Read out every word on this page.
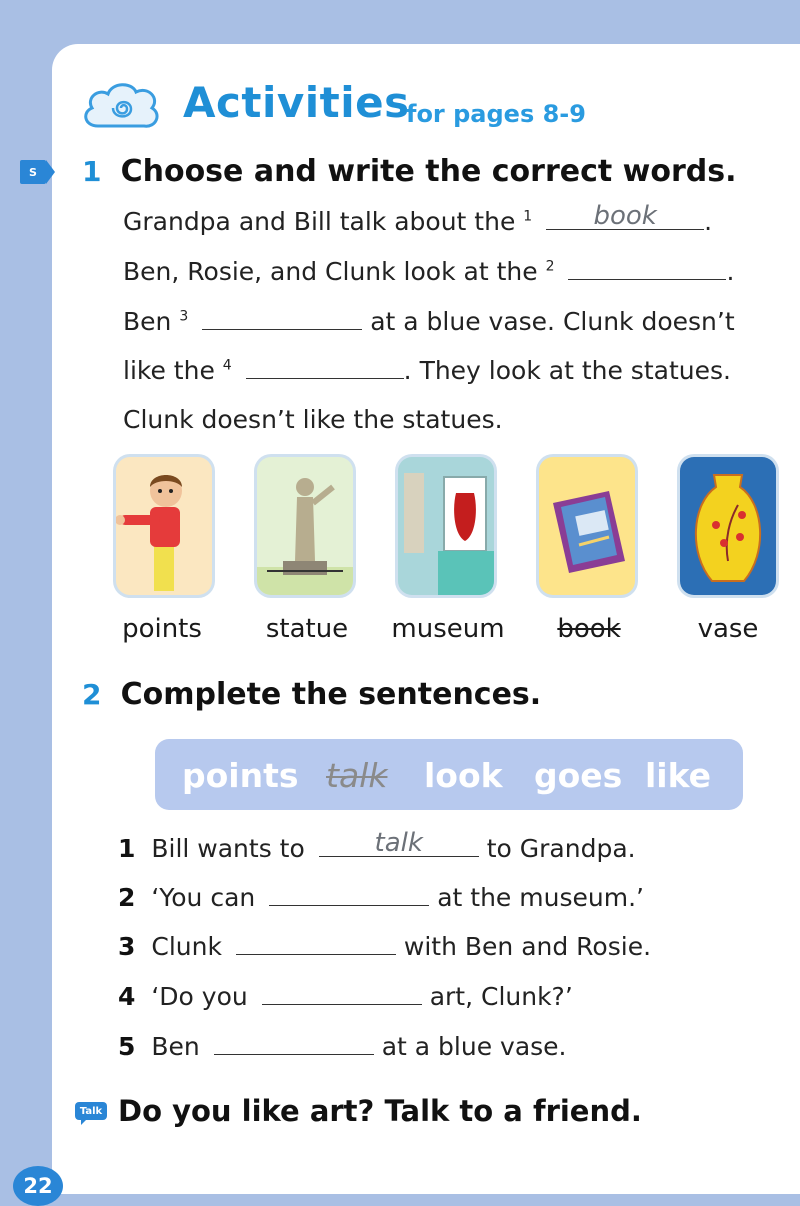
Activities
for pages 8-9
S	1 Choose and write the correct words.
Grandpa and Bill talk about the $^1$	book	.
Ben, Rosie, and Clunk look at the $^2$	.
Ben $^3$	at a blue vase. Clunk doesn’t
like the $^4$	. They look at the statues.
Clunk doesn’t like the statues.
points	statue	museum	book	vase
2 Complete the sentences.
points talk look goes like
1 Bill wants to	talk	to Grandpa.
2 ‘You can	at the museum.’
3 Clunk	with Ben and Rosie.
4 ‘Do you	art, Clunk?’
5 Ben	at a blue vase.
Talk Do you like art? Talk to a friend.
22
